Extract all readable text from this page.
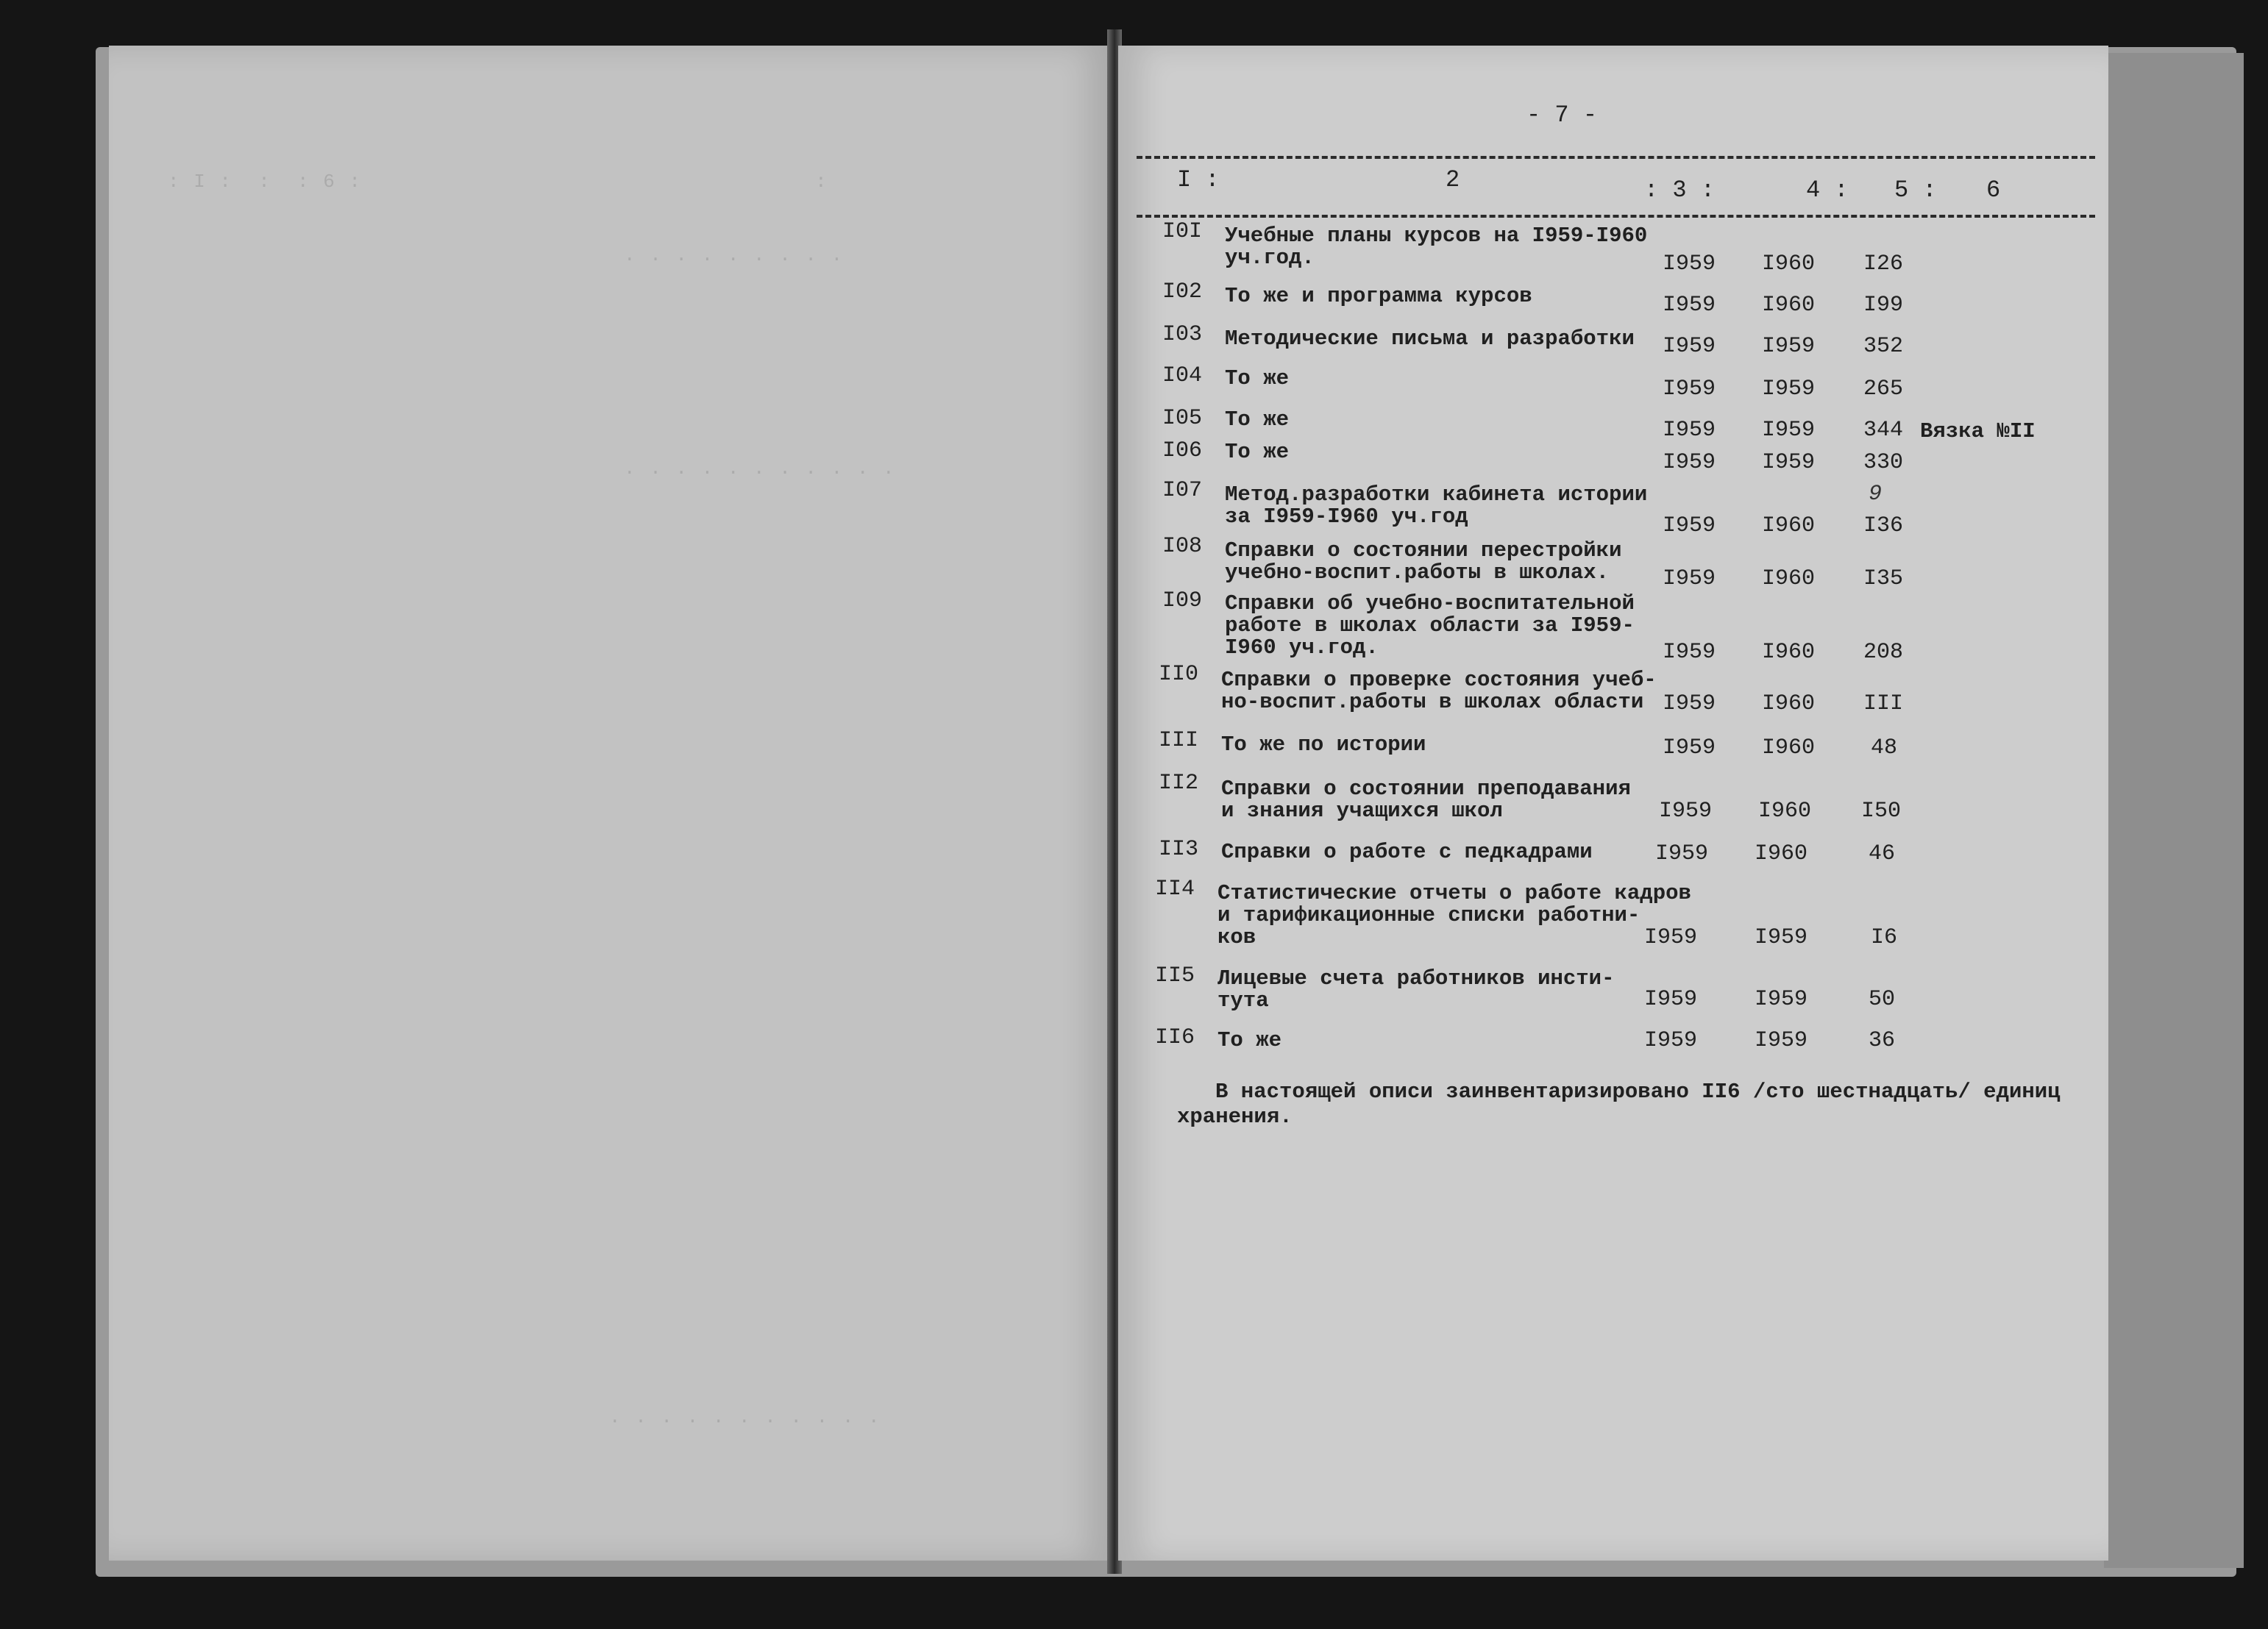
: I :  :  : 6 :                                   :
. . . . . . . . .
. . . . . . . . . . .
. . . . . . . . . . .
- 7 -
I :	2	: 3 :	4 : 5 : 6
I0I Учебные планы курсов на I959-I960
уч.год.	I959 I960 I26
I02 То же и программа курсов	I959 I960 I99
I03 Методические письма и разработки I959 I959 352
I04 То же	I959 I959 265
I05 То же	I959 I959 344 Вязка №II
I06 То же	I959 I959 330
9
I07 Метод.разработки кабинета истории
за I959-I960 уч.год	I959 I960 I36
I08 Справки о состоянии перестройки
учебно-воспит.работы в школах.	I959 I960 I35
I09 Справки об учебно-воспитательной
работе в школах области за I959-
I960 уч.год.	I959 I960 208
II0 Справки о проверке состояния учеб-
но-воспит.работы в школах области I959 I960 III
III То же по истории	I959 I960	48
II2 Справки о состоянии преподавания
и знания учащихся школ	I959 I960 I50
II3 Справки о работе с педкадрами	I959 I960	46
II4 Статистические отчеты о работе кадров
и тарификационные списки работни-
ков	I959	I959	I6
II5 Лицевые счета работников инсти-
тута	I959	I959	50
II6 То же	I959	I959	36
В настоящей описи заинвентаризировано II6 /сто шестнадцать/ единиц
хранения.
